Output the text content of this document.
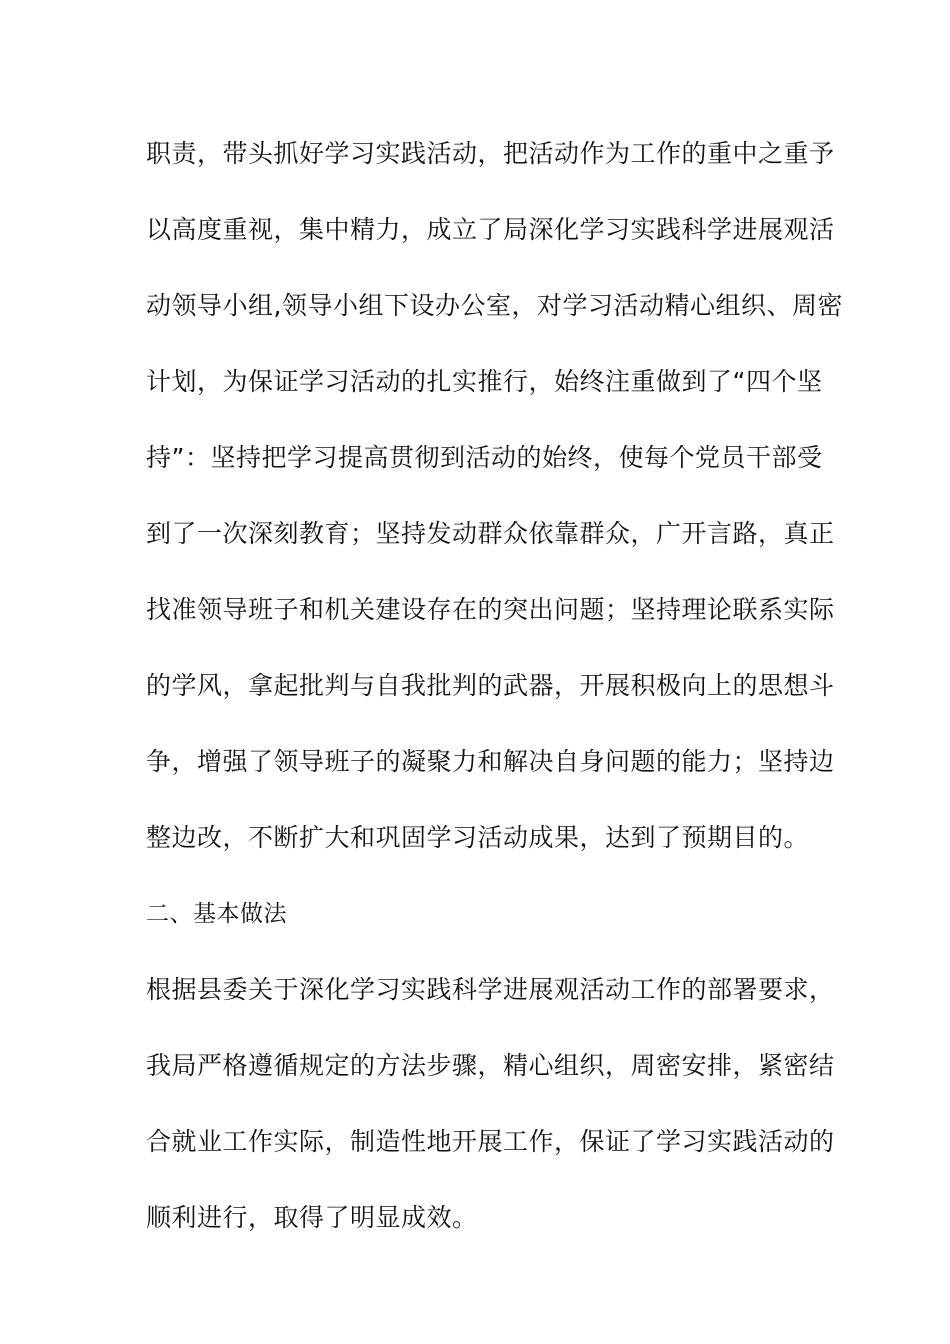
职责，带头抓好学习实践活动，把活动作为工作的重中之重予
以高度重视，集中精力，成立了局深化学习实践科学进展观活
动领导小组,领导小组下设办公室，对学习活动精心组织、周密
计划，为保证学习活动的扎实推行，始终注重做到了“四个坚
持”：坚持把学习提高贯彻到活动的始终，使每个党员干部受
到了一次深刻教育；坚持发动群众依靠群众，广开言路，真正
找准领导班子和机关建设存在的突出问题；坚持理论联系实际
的学风，拿起批判与自我批判的武器，开展积极向上的思想斗
争，增强了领导班子的凝聚力和解决自身问题的能力；坚持边
整边改，不断扩大和巩固学习活动成果，达到了预期目的。
二、基本做法
根据县委关于深化学习实践科学进展观活动工作的部署要求，
我局严格遵循规定的方法步骤，精心组织，周密安排，紧密结
合就业工作实际，制造性地开展工作，保证了学习实践活动的
顺利进行，取得了明显成效。
